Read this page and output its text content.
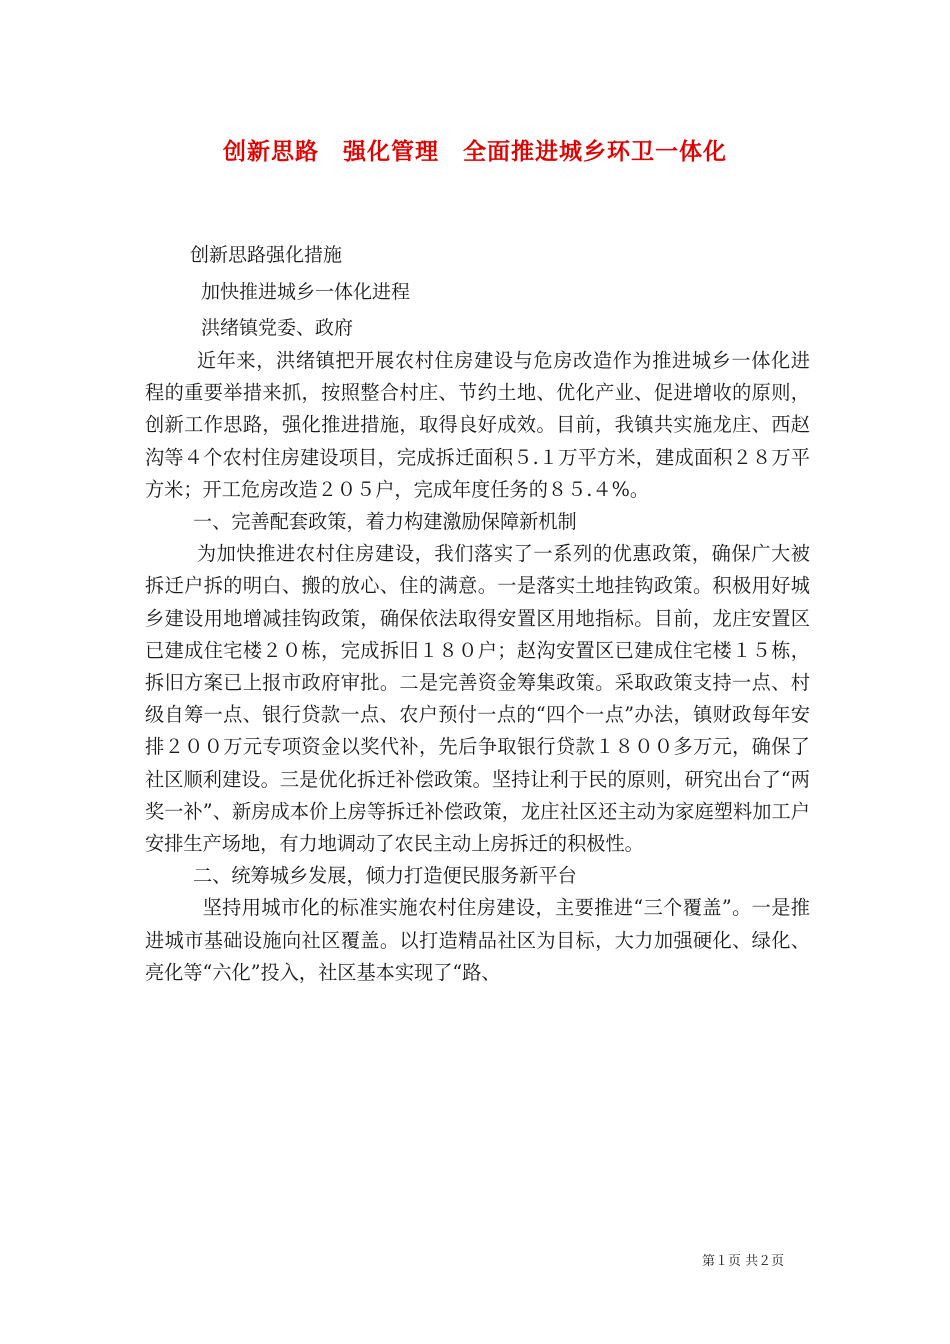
创新思路　强化管理　全面推进城乡环卫一体化

创新思路强化措施

加快推进城乡一体化进程

洪绪镇党委、政府

近年来，洪绪镇把开展农村住房建设与危房改造作为推进城乡一体化进程的重要举措来抓，按照整合村庄、节约土地、优化产业、促进增收的原则，创新工作思路，强化推进措施，取得良好成效。目前，我镇共实施龙庄、西赵沟等４个农村住房建设项目，完成拆迁面积５.１万平方米，建成面积２８万平方米；开工危房改造２０５户，完成年度任务的８５.４%。

一、完善配套政策，着力构建激励保障新机制

为加快推进农村住房建设，我们落实了一系列的优惠政策，确保广大被拆迁户拆的明白、搬的放心、住的满意。一是落实土地挂钩政策。积极用好城乡建设用地增减挂钩政策，确保依法取得安置区用地指标。目前，龙庄安置区已建成住宅楼２０栋，完成拆旧１８０户；赵沟安置区已建成住宅楼１５栋，拆旧方案已上报市政府审批。二是完善资金筹集政策。采取政策支持一点、村级自筹一点、银行贷款一点、农户预付一点的“四个一点”办法，镇财政每年安排２００万元专项资金以奖代补，先后争取银行贷款１８００多万元，确保了社区顺利建设。三是优化拆迁补偿政策。坚持让利于民的原则，研究出台了“两奖一补”、新房成本价上房等拆迁补偿政策，龙庄社区还主动为家庭塑料加工户安排生产场地，有力地调动了农民主动上房拆迁的积极性。

二、统筹城乡发展，倾力打造便民服务新平台

坚持用城市化的标准实施农村住房建设，主要推进“三个覆盖”。一是推进城市基础设施向社区覆盖。以打造精品社区为目标，大力加强硬化、绿化、亮化等“六化”投入，社区基本实现了“路、

第１页 共２页
